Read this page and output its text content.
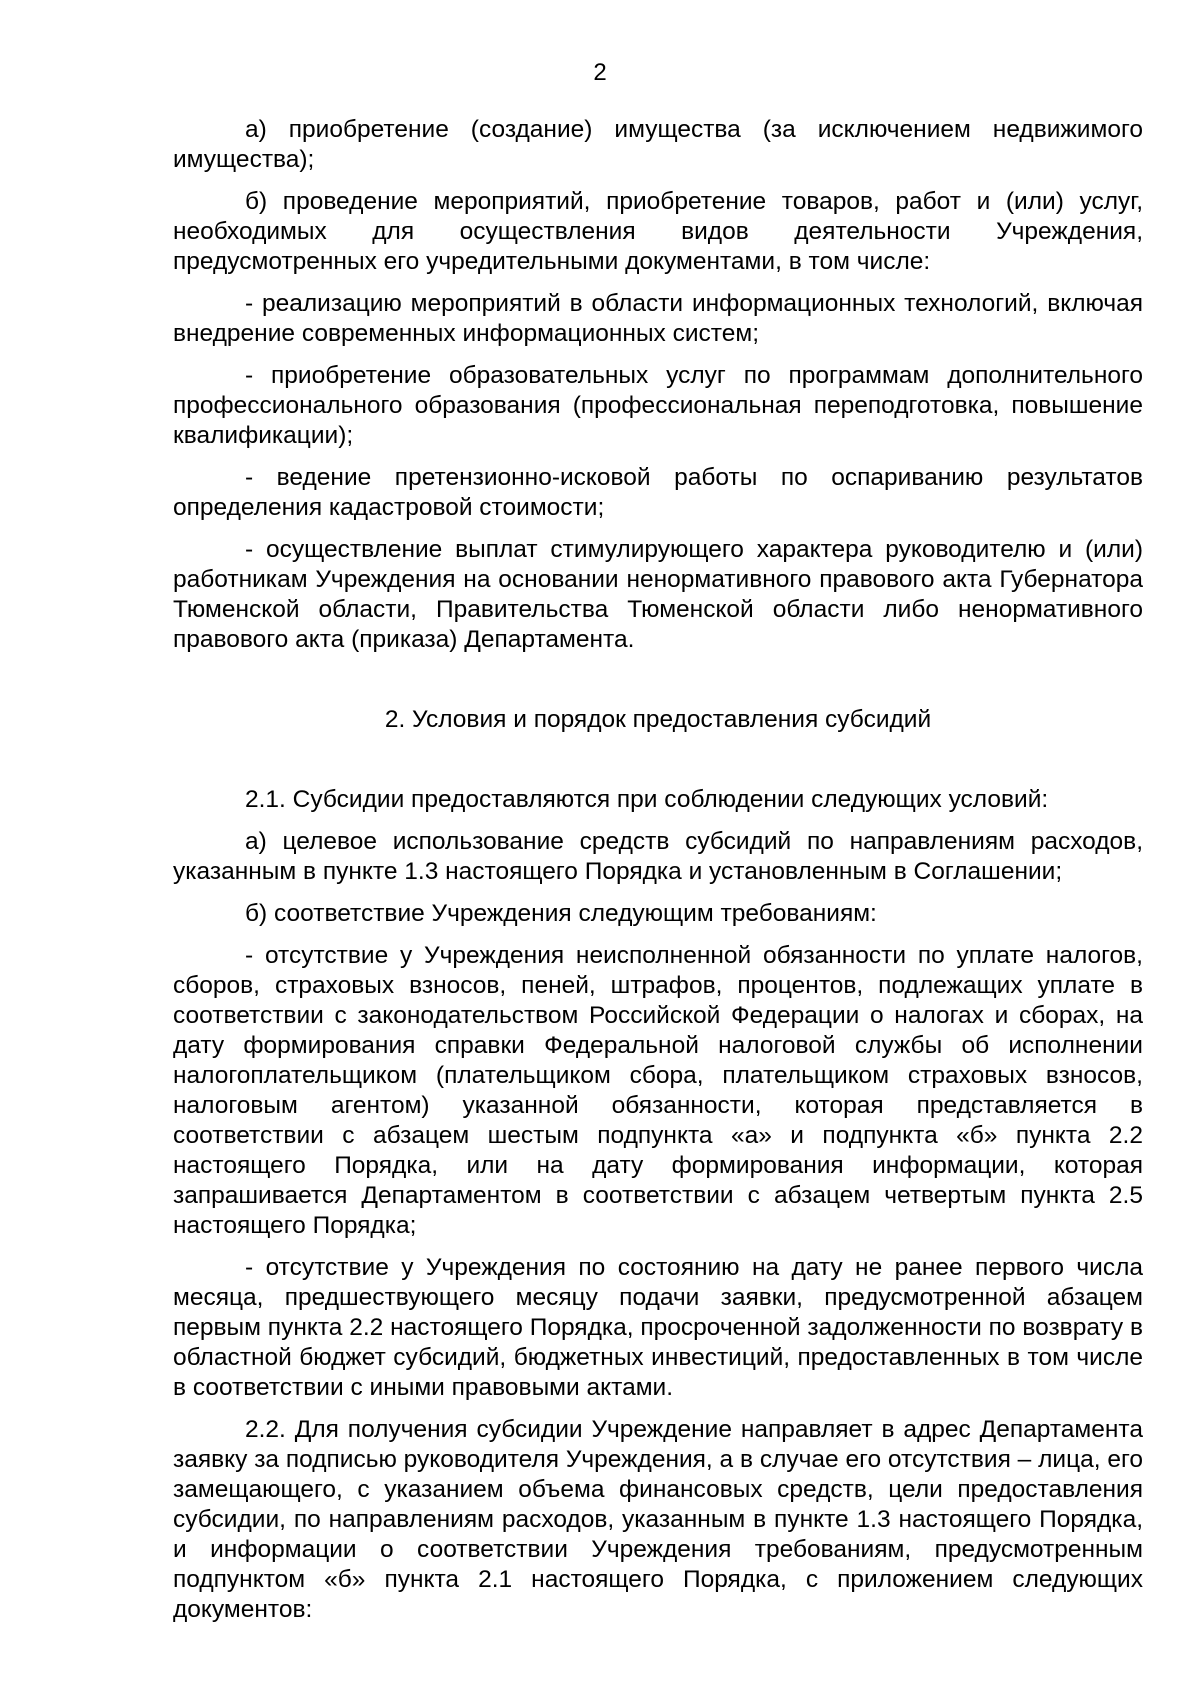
2

а) приобретение (создание) имущества (за исключением недвижимого имущества);

б) проведение мероприятий, приобретение товаров, работ и (или) услуг, необходимых для осуществления видов деятельности Учреждения, предусмотренных его учредительными документами, в том числе:

- реализацию мероприятий в области информационных технологий, включая внедрение современных информационных систем;

- приобретение образовательных услуг по программам дополнительного профессионального образования (профессиональная переподготовка, повышение квалификации);

- ведение претензионно-исковой работы по оспариванию результатов определения кадастровой стоимости;

- осуществление выплат стимулирующего характера руководителю и (или) работникам Учреждения на основании ненормативного правового акта Губернатора Тюменской области, Правительства Тюменской области либо ненормативного правового акта (приказа) Департамента.

2. Условия и порядок предоставления субсидий

2.1. Субсидии предоставляются при соблюдении следующих условий:

а) целевое использование средств субсидий по направлениям расходов, указанным в пункте 1.3 настоящего Порядка и установленным в Соглашении;

б) соответствие Учреждения следующим требованиям:

- отсутствие у Учреждения неисполненной обязанности по уплате налогов, сборов, страховых взносов, пеней, штрафов, процентов, подлежащих уплате в соответствии с законодательством Российской Федерации о налогах и сборах, на дату формирования справки Федеральной налоговой службы об исполнении налогоплательщиком (плательщиком сбора, плательщиком страховых взносов, налоговым агентом) указанной обязанности, которая представляется в соответствии с абзацем шестым подпункта «а» и подпункта «б» пункта 2.2 настоящего Порядка, или на дату формирования информации, которая запрашивается Департаментом в соответствии с абзацем четвертым пункта 2.5 настоящего Порядка;

- отсутствие у Учреждения по состоянию на дату не ранее первого числа месяца, предшествующего месяцу подачи заявки, предусмотренной абзацем первым пункта 2.2 настоящего Порядка, просроченной задолженности по возврату в областной бюджет субсидий, бюджетных инвестиций, предоставленных в том числе в соответствии с иными правовыми актами.

2.2. Для получения субсидии Учреждение направляет в адрес Департамента заявку за подписью руководителя Учреждения, а в случае его отсутствия – лица, его замещающего, с указанием объема финансовых средств, цели предоставления субсидии, по направлениям расходов, указанным в пункте 1.3 настоящего Порядка, и информации о соответствии Учреждения требованиям, предусмотренным подпунктом «б» пункта 2.1 настоящего Порядка, с приложением следующих документов:
